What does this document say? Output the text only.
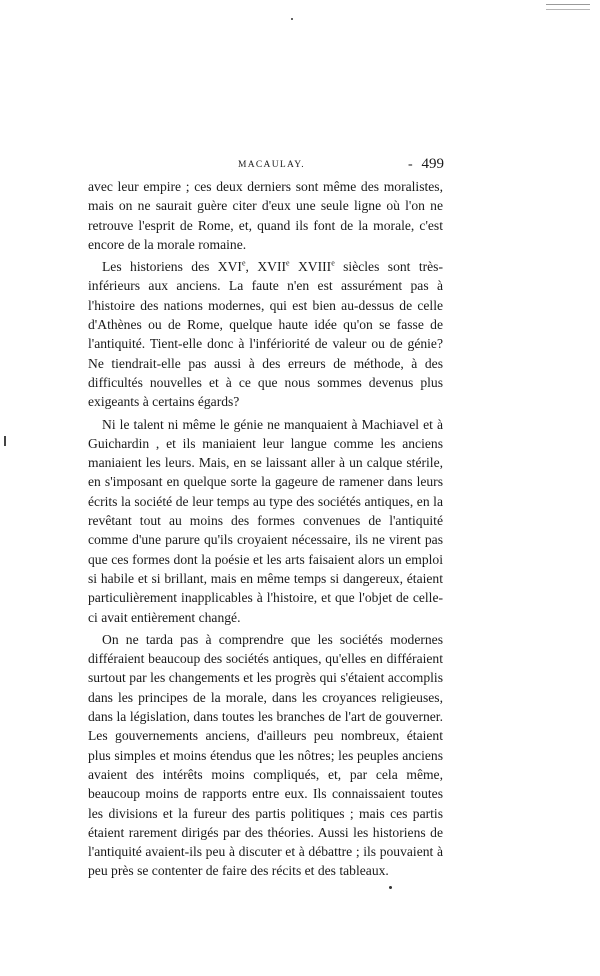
MACAULAY.	- 499

avec leur empire ; ces deux derniers sont même des moralistes, mais on ne saurait guère citer d'eux une seule ligne où l'on ne retrouve l'esprit de Rome, et, quand ils font de la morale, c'est encore de la morale romaine.

Les historiens des XVIe, XVIIe XVIIIe siècles sont très-inférieurs aux anciens. La faute n'en est assurément pas à l'histoire des nations modernes, qui est bien au-dessus de celle d'Athènes ou de Rome, quelque haute idée qu'on se fasse de l'antiquité. Tient-elle donc à l'infériorité de valeur ou de génie? Ne tiendrait-elle pas aussi à des erreurs de méthode, à des difficultés nouvelles et à ce que nous sommes devenus plus exigeants à certains égards?

Ni le talent ni même le génie ne manquaient à Machiavel et à Guichardin , et ils maniaient leur langue comme les anciens maniaient les leurs. Mais, en se laissant aller à un calque stérile, en s'imposant en quelque sorte la gageure de ramener dans leurs écrits la société de leur temps au type des sociétés antiques, en la revêtant tout au moins des formes convenues de l'antiquité comme d'une parure qu'ils croyaient nécessaire, ils ne virent pas que ces formes dont la poésie et les arts faisaient alors un emploi si habile et si brillant, mais en même temps si dangereux, étaient particulièrement inapplicables à l'histoire, et que l'objet de celle-ci avait entièrement changé.

On ne tarda pas à comprendre que les sociétés modernes différaient beaucoup des sociétés antiques, qu'elles en différaient surtout par les changements et les progrès qui s'étaient accomplis dans les principes de la morale, dans les croyances religieuses, dans la législation, dans toutes les branches de l'art de gouverner. Les gouvernements anciens, d'ailleurs peu nombreux, étaient plus simples et moins étendus que les nôtres; les peuples anciens avaient des intérêts moins compliqués, et, par cela même, beaucoup moins de rapports entre eux. Ils connaissaient toutes les divisions et la fureur des partis politiques ; mais ces partis étaient rarement dirigés par des théories. Aussi les historiens de l'antiquité avaient-ils peu à discuter et à débattre ; ils pouvaient à peu près se contenter de faire des récits et des tableaux.
